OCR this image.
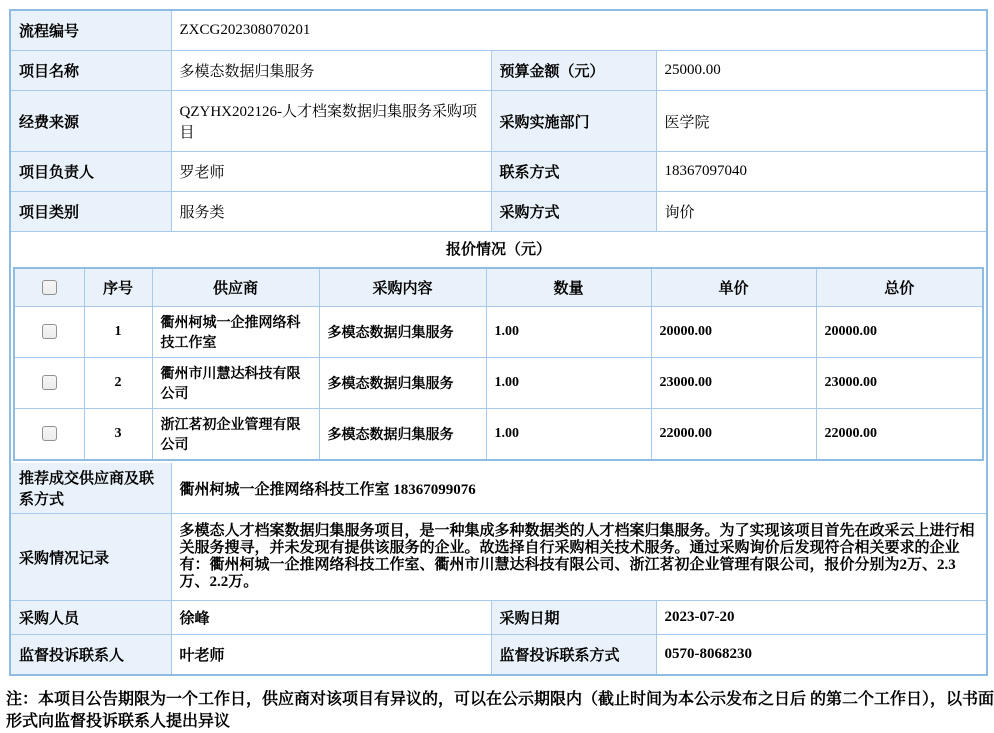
流程编号	ZXCG202308070201
项目名称	多模态数据归集服务	预算金额（元）	25000.00
经费来源	QZYHX202126-人才档案数据归集服务采购项目	采购实施部门	医学院
项目负责人	罗老师	联系方式	18367097040
项目类别	服务类	采购方式	询价
报价情况（元）

	序号	供应商	采购内容	数量	单价	总价
	1	衢州柯城一企推网络科技工作室	多模态数据归集服务	1.00	20000.00	20000.00
	2	衢州市川慧达科技有限公司	多模态数据归集服务	1.00	23000.00	23000.00
	3	浙江茗初企业管理有限公司	多模态数据归集服务	1.00	22000.00	22000.00

推荐成交供应商及联系方式	衢州柯城一企推网络科技工作室 18367099076
采购情况记录	多模态人才档案数据归集服务项目，是一种集成多种数据类的人才档案归集服务。为了实现该项目首先在政采云上进行相关服务搜寻，并未发现有提供该服务的企业。故选择自行采购相关技术服务。通过采购询价后发现符合相关要求的企业有：衢州柯城一企推网络科技工作室、衢州市川慧达科技有限公司、浙江茗初企业管理有限公司，报价分别为2万、2.3万、2.2万。
采购人员	徐峰	采购日期	2023-07-20
监督投诉联系人	叶老师	监督投诉联系方式	0570-8068230
注：本项目公告期限为一个工作日，供应商对该项目有异议的，可以在公示期限内（截止时间为本公示发布之日后 的第二个工作日），以书面形式向监督投诉联系人提出异议
